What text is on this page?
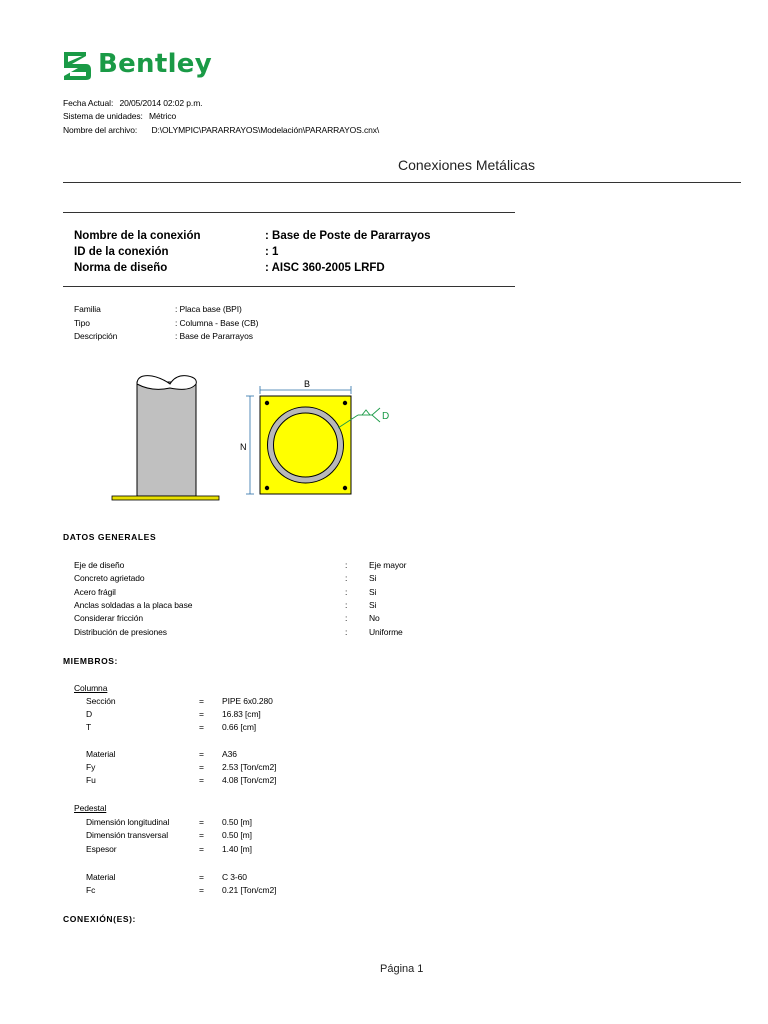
Bentley
Fecha Actual: 20/05/2014 02:02 p.m.
Sistema de unidades: Métrico
Nombre del archivo: D:\OLYMPIC\PARARRAYOS\Modelación\PARARRAYOS.cnx\
Conexiones Metálicas
Nombre de la conexión	: Base de Poste de Pararrayos
ID de la conexión	: 1
Norma de diseño	: AISC 360-2005 LRFD
Familia	: Placa base (BPI)
Tipo	: Columna - Base (CB)
Descripción	: Base de Pararrayos
B
N
D
DATOS GENERALES
Eje de diseño	:	Eje mayor
Concreto agrietado	:	Si
Acero frágil	:	Si
Anclas soldadas a la placa base	:	Si
Considerar fricción	:	No
Distribución de presiones	:	Uniforme
MIEMBROS:
Columna
Sección	= PIPE 6x0.280
D	= 16.83 [cm]
T	= 0.66 [cm]
Material	= A36
Fy	= 2.53 [Ton/cm2]
Fu	= 4.08 [Ton/cm2]
Pedestal
Dimensión longitudinal	= 0.50 [m]
Dimensión transversal	= 0.50 [m]
Espesor	= 1.40 [m]
Material	= C 3-60
Fc	= 0.21 [Ton/cm2]
CONEXIÓN(ES):
Página 1
